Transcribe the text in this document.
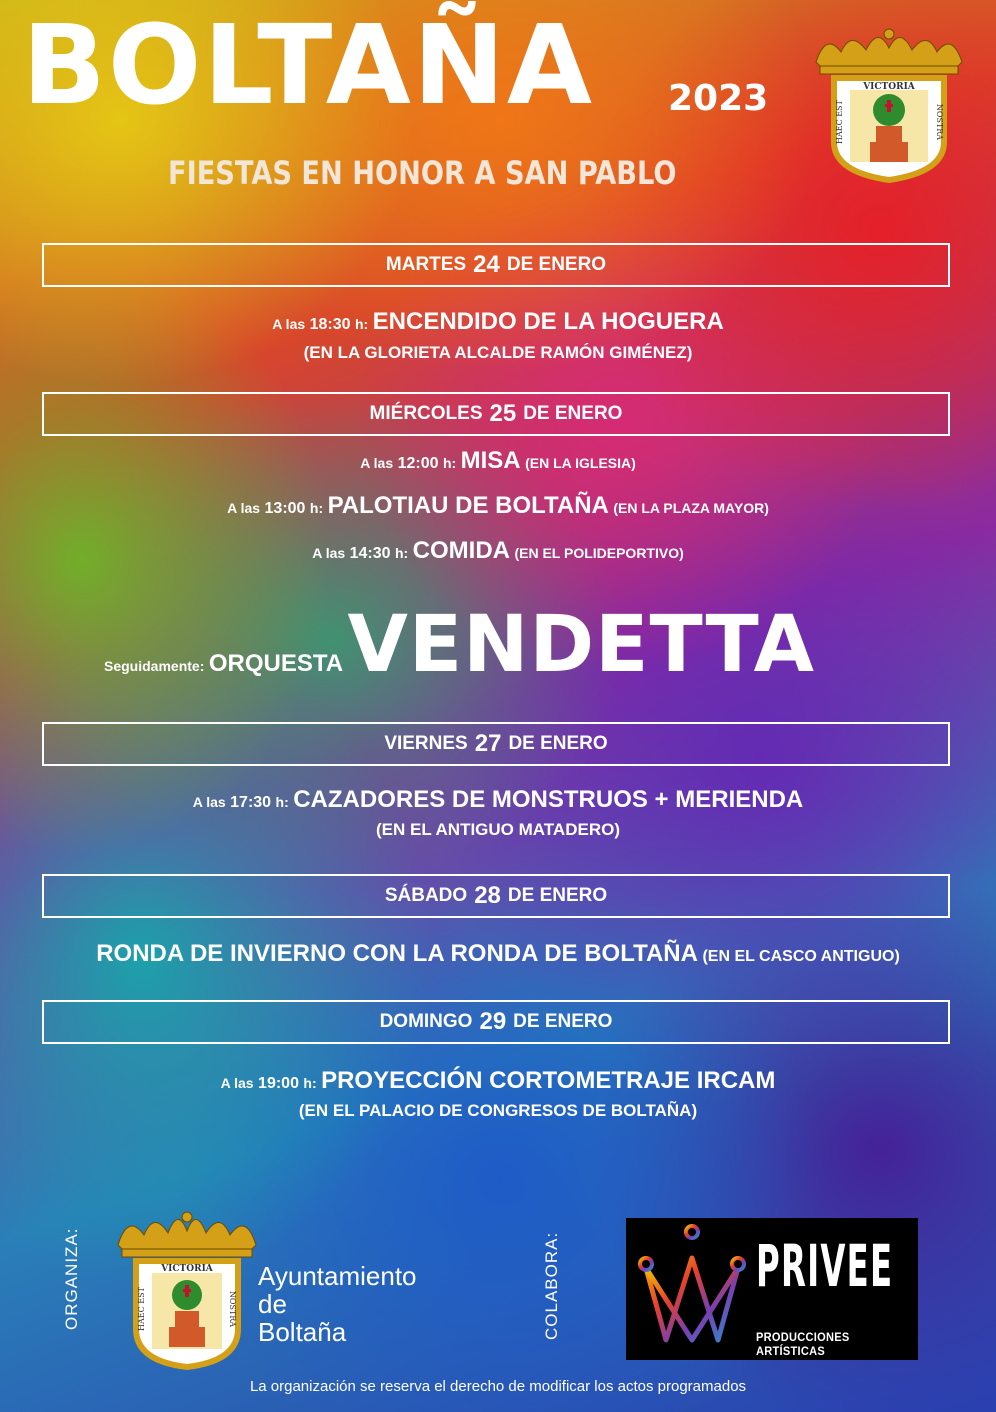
BOLTAÑA 2023
FIESTAS EN HONOR A SAN PABLO
VICTORIA
HAEC EST	NOSTRA
MARTES 24 DE ENERO
A las 18:30 h: ENCENDIDO DE LA HOGUERA
(EN LA GLORIETA ALCALDE RAMÓN GIMÉNEZ)
MIÉRCOLES 25 DE ENERO
A las 12:00 h: MISA (EN LA IGLESIA)
A las 13:00 h: PALOTIAU DE BOLTAÑA (EN LA PLAZA MAYOR)
A las 14:30 h: COMIDA (EN EL POLIDEPORTIVO)
Seguidamente: ORQUESTA VENDETTA
VIERNES 27 DE ENERO
A las 17:30 h: CAZADORES DE MONSTRUOS + MERIENDA
(EN EL ANTIGUO MATADERO)
SÁBADO 28 DE ENERO
RONDA DE INVIERNO CON LA RONDA DE BOLTAÑA (EN EL CASCO ANTIGUO)
DOMINGO 29 DE ENERO
A las 19:00 h: PROYECCIÓN CORTOMETRAJE IRCAM
(EN EL PALACIO DE CONGRESOS DE BOLTAÑA)
ORGANIZA:	VICTORIA
HAEC EST	NOSTRA
Ayuntamiento
de
Boltaña	COLABORA:	PRIVEE
PRODUCCIONES ARTÍSTICAS
La organización se reserva el derecho de modificar los actos programados
